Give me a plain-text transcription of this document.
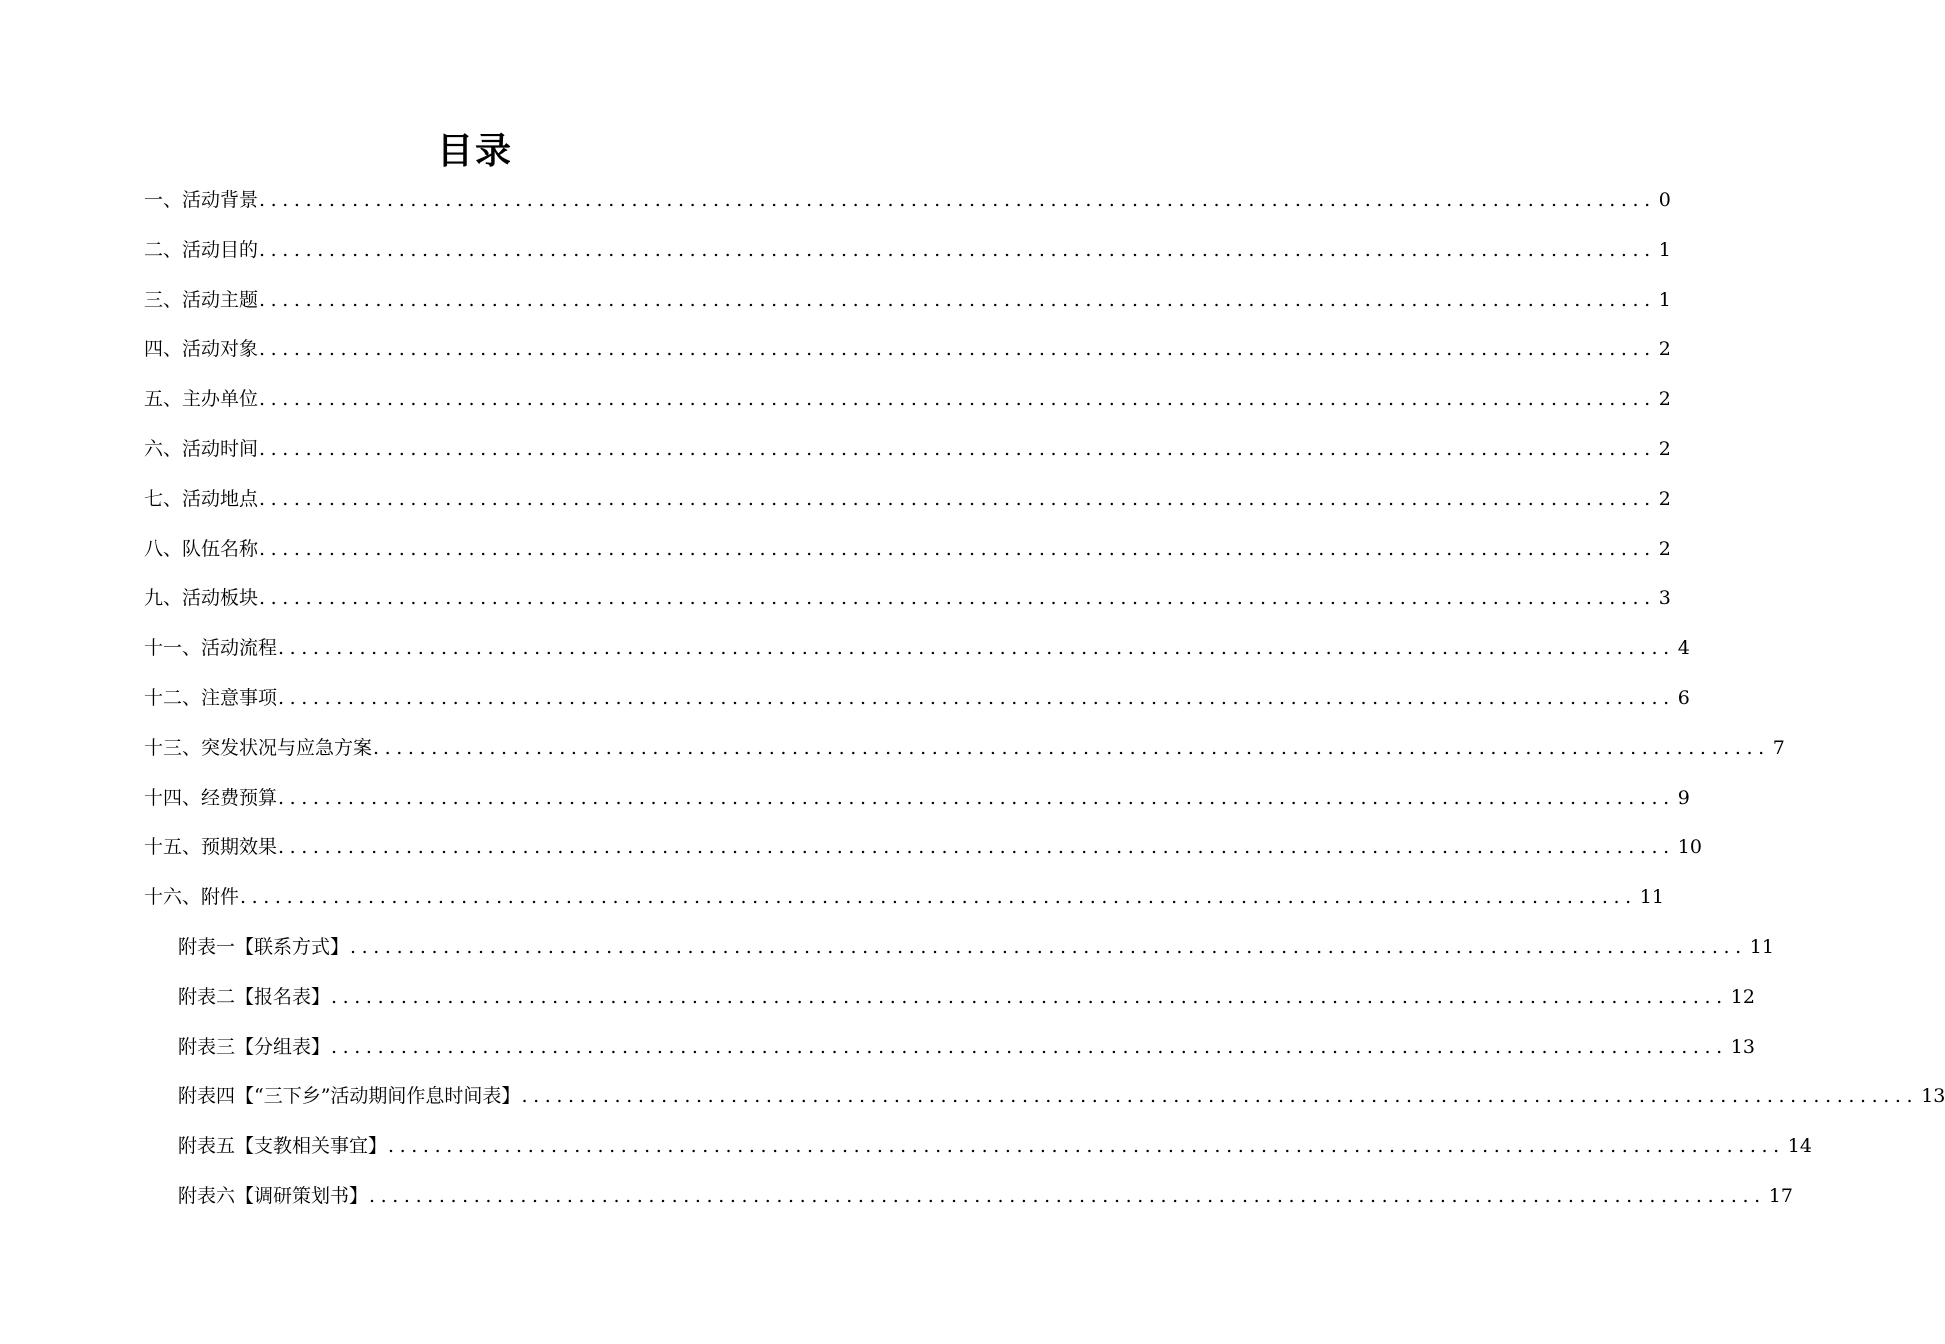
目录
一、活动背景 ........................................................................................................................ 0
二、活动目的 ........................................................................................................................ 1
三、活动主题 ........................................................................................................................ 1
四、活动对象 ........................................................................................................................ 2
五、主办单位 ........................................................................................................................ 2
六、活动时间 ........................................................................................................................ 2
七、活动地点 ........................................................................................................................ 2
八、队伍名称 ........................................................................................................................ 2
九、活动板块 ........................................................................................................................ 3
十一、活动流程 ........................................................................................................................ 4
十二、注意事项 ........................................................................................................................ 6
十三、突发状况与应急方案 ........................................................................................................................ 7
十四、经费预算 ........................................................................................................................ 9
十五、预期效果 ........................................................................................................................ 10
十六、附件 ........................................................................................................................ 11
附表一【联系方式】 ........................................................................................................................ 11
附表二【报名表】 ........................................................................................................................ 12
附表三【分组表】 ........................................................................................................................ 13
附表四【“三下乡”活动期间作息时间表】 ........................................................................................................................ 13
附表五【支教相关事宜】 ........................................................................................................................ 14
附表六【调研策划书】 ........................................................................................................................ 17
